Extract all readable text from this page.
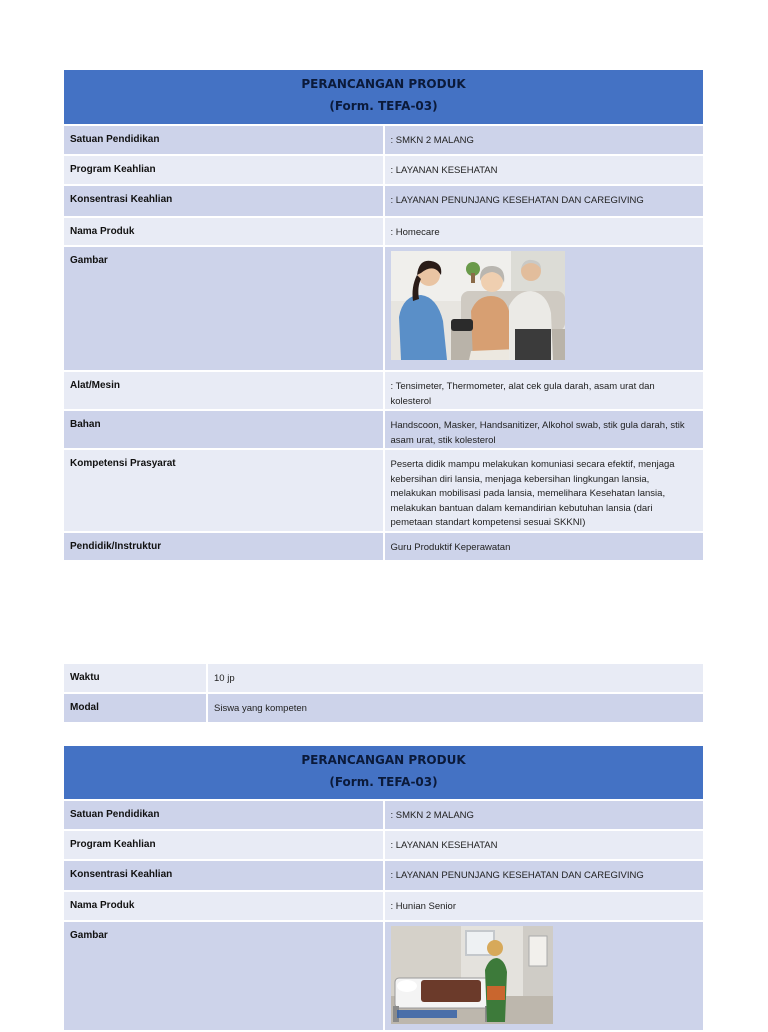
PERANCANGAN PRODUK
(Form. TEFA-03)	

Satuan Pendidikan	: SMKN 2 MALANG

Program Keahlian	: LAYANAN KESEHATAN

Konsentrasi Keahlian	: LAYANAN PENUNJANG KESEHATAN DAN CAREGIVING

Nama Produk	: Homecare

Gambar

Alat/Mesin	: Tensimeter, Thermometer, alat cek gula darah, asam urat dan kolesterol

Bahan	Handscoon, Masker, Handsanitizer, Alkohol swab, stik gula darah, stik asam urat, stik kolesterol

Kompetensi Prasyarat	Peserta didik mampu melakukan komuniasi secara efektif, menjaga kebersihan diri lansia, menjaga kebersihan lingkungan lansia, melakukan mobilisasi pada lansia, memelihara Kesehatan lansia, melakukan bantuan dalam kemandirian kebutuhan lansia (dari pemetaan standart kompetensi sesuai SKKNI)

Pendidik/Instruktur	Guru Produktif Keperawatan
Waktu	10 jp

Modal	Siswa yang kompeten
PERANCANGAN PRODUK
(Form. TEFA-03)	

Satuan Pendidikan	: SMKN 2 MALANG

Program Keahlian	: LAYANAN KESEHATAN

Konsentrasi Keahlian	: LAYANAN PENUNJANG KESEHATAN DAN CAREGIVING

Nama Produk	: Hunian Senior

Gambar
